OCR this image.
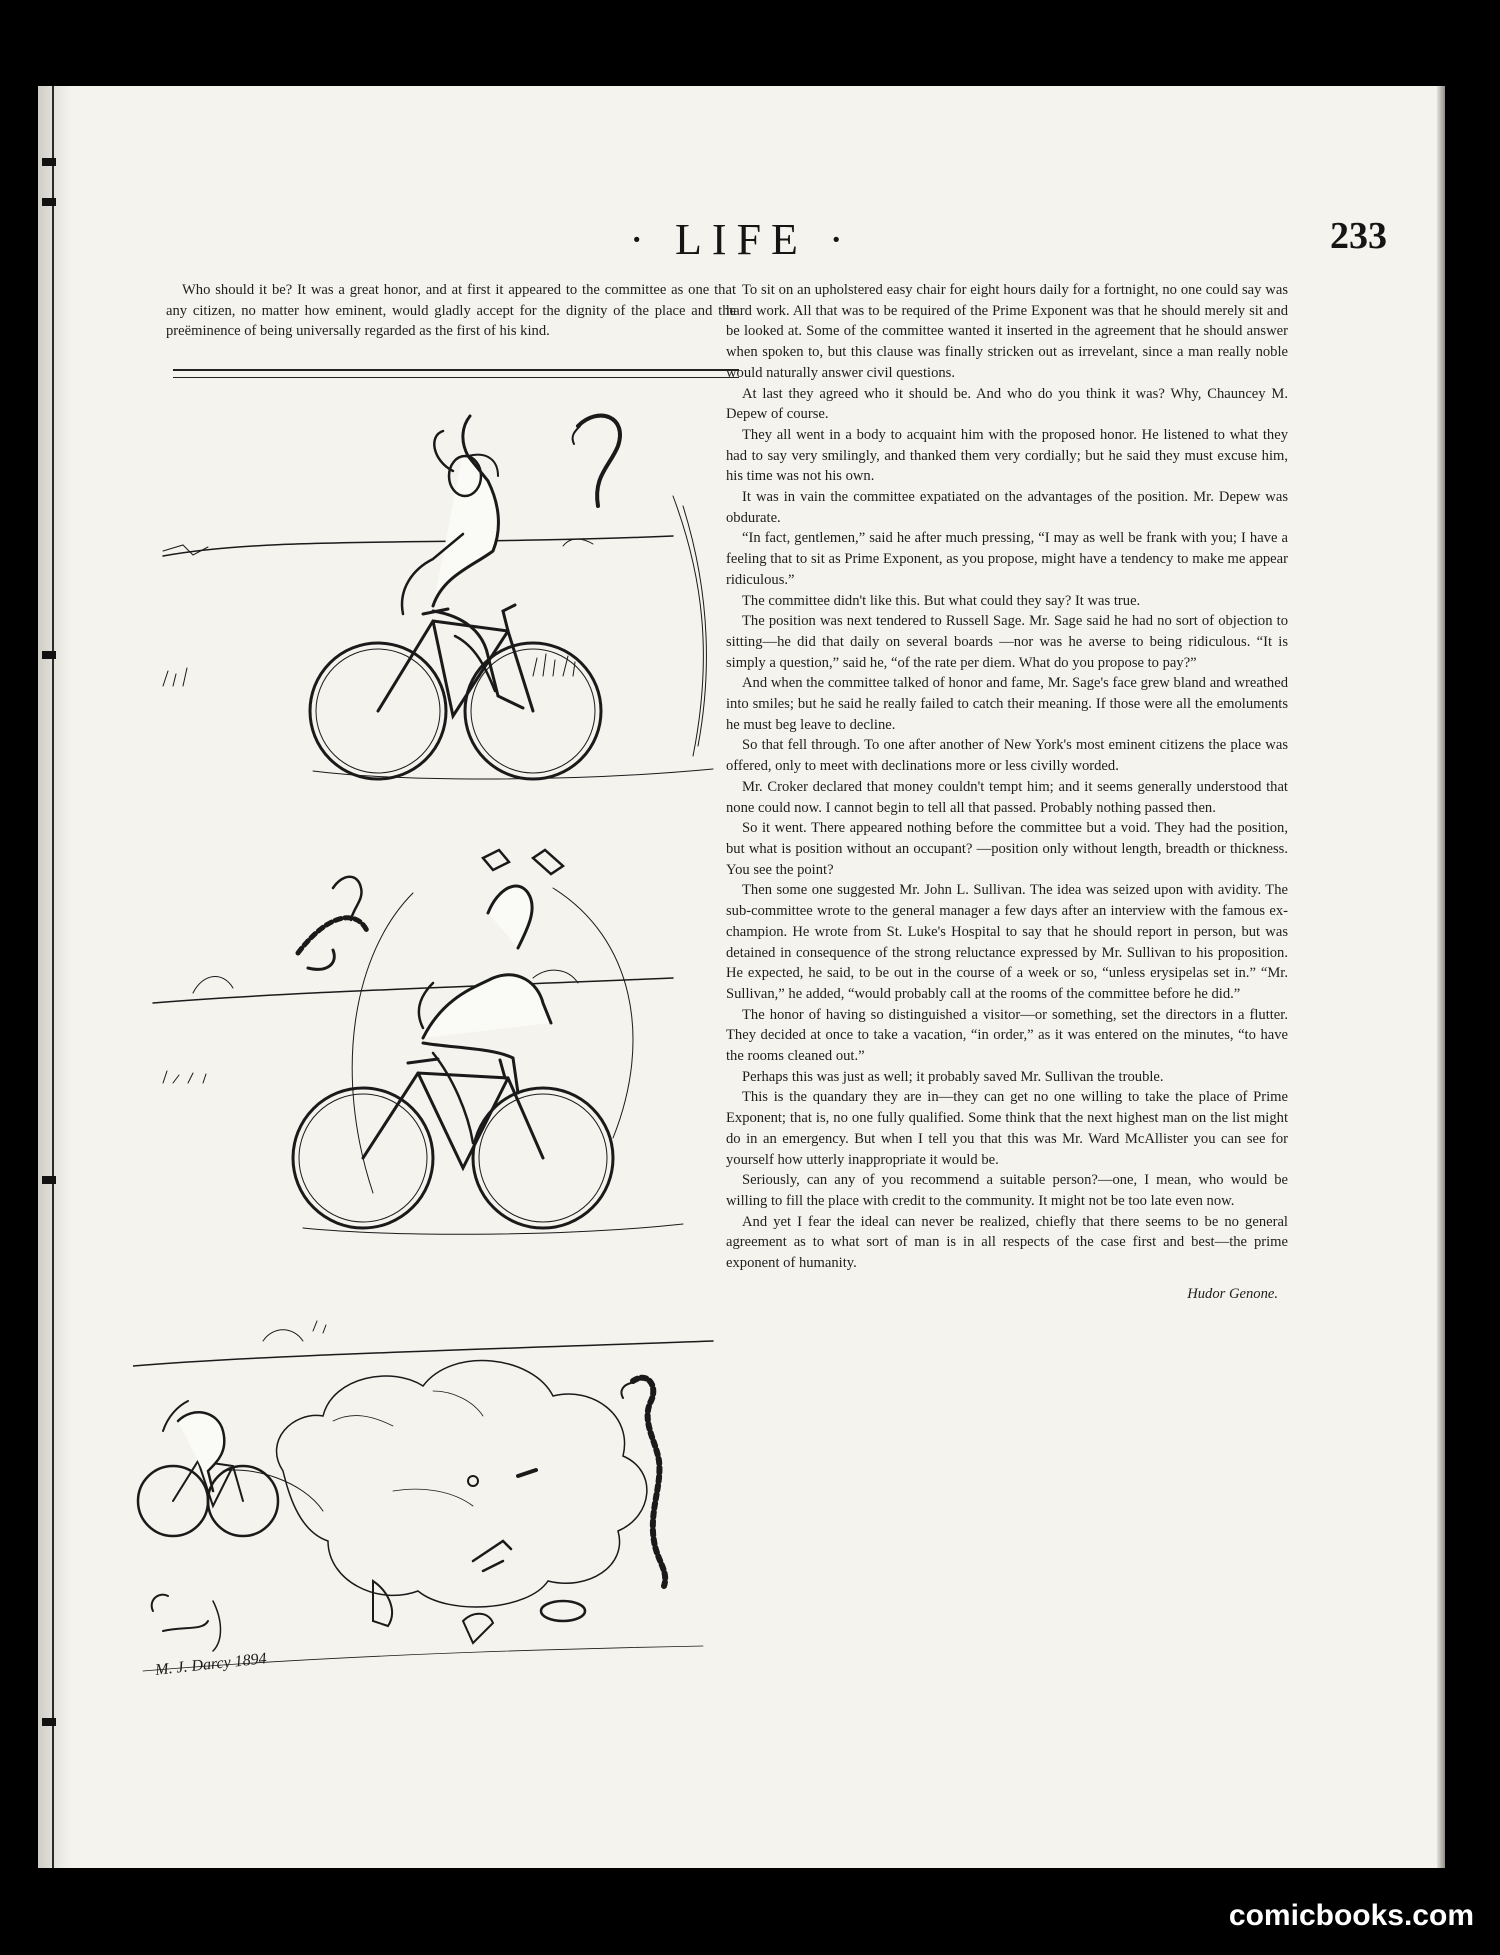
· LIFE ·	233

Who should it be? It was a great honor, and at first it appeared to the committee as one that any citizen, no matter how eminent, would gladly accept for the dignity of the place and the preëminence of being universally regarded as the first of his kind.

M. J. Darcy 1894

To sit on an upholstered easy chair for eight hours daily for a fortnight, no one could say was hard work. All that was to be required of the Prime Exponent was that he should merely sit and be looked at. Some of the committee wanted it inserted in the agreement that he should answer when spoken to, but this clause was finally stricken out as irrevelant, since a man really noble would naturally answer civil questions.

At last they agreed who it should be. And who do you think it was? Why, Chauncey M. Depew of course.

They all went in a body to acquaint him with the proposed honor. He listened to what they had to say very smilingly, and thanked them very cordially; but he said they must excuse him, his time was not his own.

It was in vain the committee expatiated on the advantages of the position. Mr. Depew was obdurate.

“In fact, gentlemen,” said he after much pressing, “I may as well be frank with you; I have a feeling that to sit as Prime Exponent, as you propose, might have a tendency to make me appear ridiculous.”

The committee didn't like this. But what could they say? It was true.

The position was next tendered to Russell Sage. Mr. Sage said he had no sort of objection to sitting—he did that daily on several boards —nor was he averse to being ridiculous. “It is simply a question,” said he, “of the rate per diem. What do you propose to pay?”

And when the committee talked of honor and fame, Mr. Sage's face grew bland and wreathed into smiles; but he said he really failed to catch their meaning. If those were all the emoluments he must beg leave to decline.

So that fell through. To one after another of New York's most eminent citizens the place was offered, only to meet with declinations more or less civilly worded.

Mr. Croker declared that money couldn't tempt him; and it seems generally understood that none could now. I cannot begin to tell all that passed. Probably nothing passed then.

So it went. There appeared nothing before the committee but a void. They had the position, but what is position without an occupant? —position only without length, breadth or thickness. You see the point?

Then some one suggested Mr. John L. Sullivan. The idea was seized upon with avidity. The sub-committee wrote to the general manager a few days after an interview with the famous ex-champion. He wrote from St. Luke's Hospital to say that he should report in person, but was detained in consequence of the strong reluctance expressed by Mr. Sullivan to his proposition. He expected, he said, to be out in the course of a week or so, “unless erysipelas set in.” “Mr. Sullivan,” he added, “would probably call at the rooms of the committee before he did.”

The honor of having so distinguished a visitor—or something, set the directors in a flutter. They decided at once to take a vacation, “in order,” as it was entered on the minutes, “to have the rooms cleaned out.”

Perhaps this was just as well; it probably saved Mr. Sullivan the trouble.

This is the quandary they are in—they can get no one willing to take the place of Prime Exponent; that is, no one fully qualified. Some think that the next highest man on the list might do in an emergency. But when I tell you that this was Mr. Ward McAllister you can see for yourself how utterly inappropriate it would be.

Seriously, can any of you recommend a suitable person?—one, I mean, who would be willing to fill the place with credit to the community. It might not be too late even now.

And yet I fear the ideal can never be realized, chiefly that there seems to be no general agreement as to what sort of man is in all respects of the case first and best—the prime exponent of humanity.

Hudor Genone.
comicbooks.com
